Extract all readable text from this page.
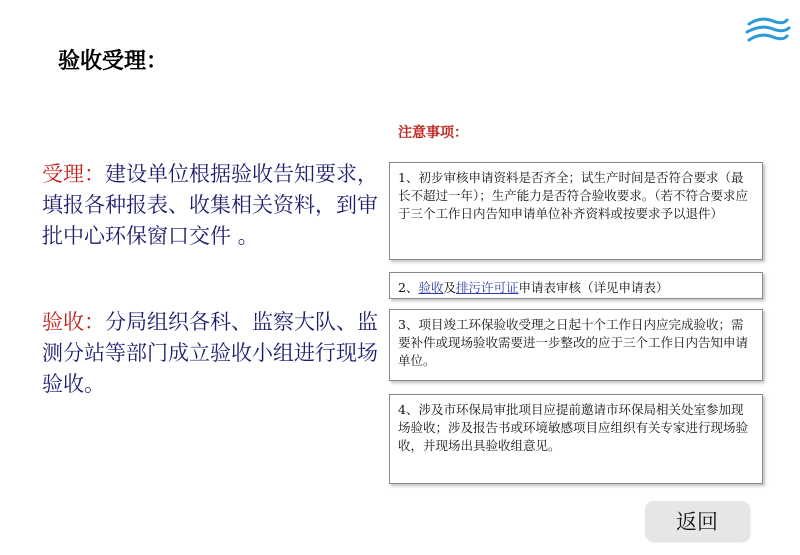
验收受理：
受理：建设单位根据验收告知要求，填报各种报表、收集相关资料，到审批中心环保窗口交件 。
验收：分局组织各科、监察大队、监测分站等部门成立验收小组进行现场验收。
注意事项：
1、初步审核申请资料是否齐全；试生产时间是否符合要求（最长不超过一年）；生产能力是否符合验收要求。（若不符合要求应于三个工作日内告知申请单位补齐资料或按要求予以退件）
2、验收及排污许可证申请表审核（详见申请表）
3、项目竣工环保验收受理之日起十个工作日内应完成验收；需要补件或现场验收需要进一步整改的应于三个工作日内告知申请单位。
4、涉及市环保局审批项目应提前邀请市环保局相关处室参加现场验收；涉及报告书或环境敏感项目应组织有关专家进行现场验收，并现场出具验收组意见。
返回
